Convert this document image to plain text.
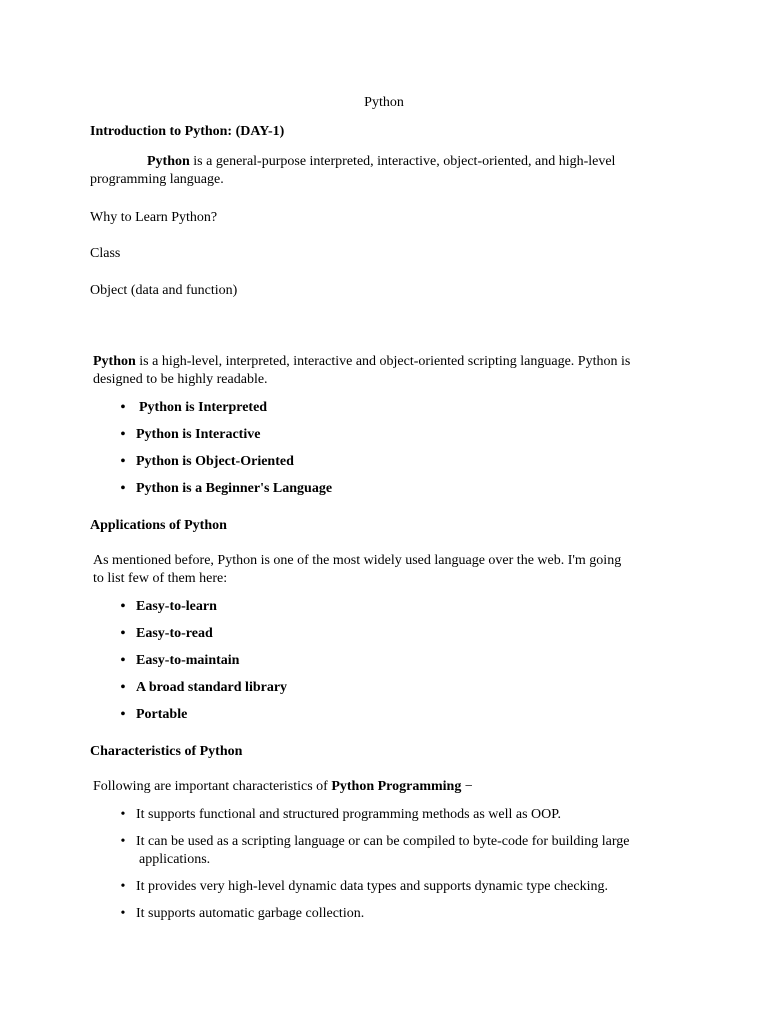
Python

Introduction to Python: (DAY-1)

Python is a general-purpose interpreted, interactive, object-oriented, and high-level
programming language.

Why to Learn Python?

Class

Object (data and function)

Python is a high-level, interpreted, interactive and object-oriented scripting language. Python is
designed to be highly readable.
• Python is Interpreted
• Python is Interactive
• Python is Object-Oriented
• Python is a Beginner's Language

Applications of Python

As mentioned before, Python is one of the most widely used language over the web. I'm going
to list few of them here:
• Easy-to-learn
• Easy-to-read
• Easy-to-maintain
• A broad standard library
• Portable

Characteristics of Python

Following are important characteristics of Python Programming −

• It supports functional and structured programming methods as well as OOP.
• It can be used as a scripting language or can be compiled to byte-code for building large
applications.
• It provides very high-level dynamic data types and supports dynamic type checking.
• It supports automatic garbage collection.
